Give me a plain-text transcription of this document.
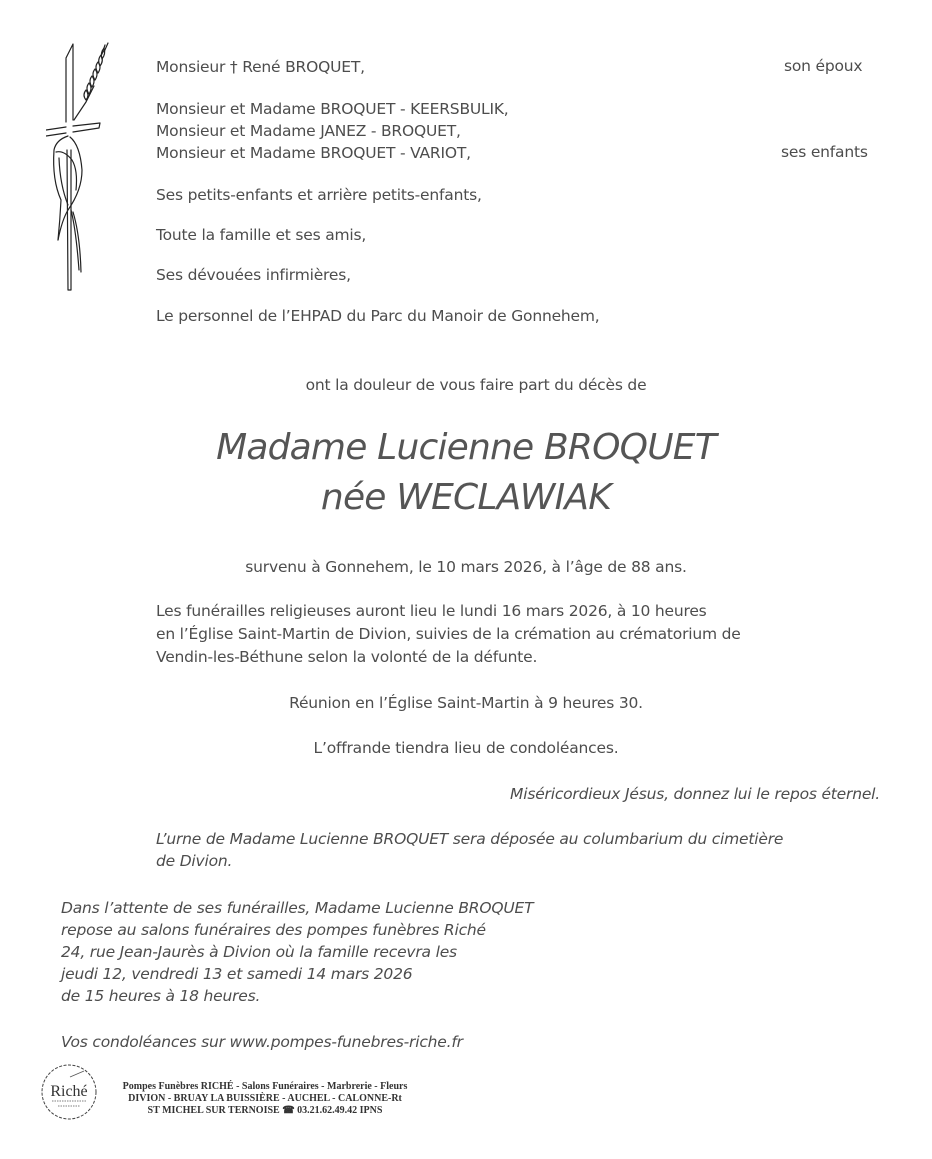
Monsieur † René BROQUET,	son époux
Monsieur et Madame BROQUET - KEERSBULIK,
Monsieur et Madame JANEZ - BROQUET,
Monsieur et Madame BROQUET - VARIOT,	ses enfants
Ses petits-enfants et arrière petits-enfants,
Toute la famille et ses amis,
Ses dévouées infirmières,
Le personnel de l’EHPAD du Parc du Manoir de Gonnehem,
ont la douleur de vous faire part du décès de
Madame Lucienne BROQUET
née WECLAWIAK
survenu à Gonnehem, le 10 mars 2026, à l’âge de 88 ans.
Les funérailles religieuses auront lieu le lundi 16 mars 2026, à 10 heures
en l’Église Saint-Martin de Divion, suivies de la crémation au crématorium de
Vendin-les-Béthune selon la volonté de la défunte.
Réunion en l’Église Saint-Martin à 9 heures 30.
L’offrande tiendra lieu de condoléances.
Miséricordieux Jésus, donnez lui le repos éternel.
L’urne de Madame Lucienne BROQUET sera déposée au columbarium du cimetière
de Divion.
Dans l’attente de ses funérailles, Madame Lucienne BROQUET
repose au salons funéraires des pompes funèbres Riché
24, rue Jean-Jaurès à Divion où la famille recevra les
jeudi 12, vendredi 13 et samedi 14 mars 2026
de 15 heures à 18 heures.
Vos condoléances sur www.pompes-funebres-riche.fr
Riché	Pompes Funèbres RICHÉ - Salons Funéraires - Marbrerie - Fleurs
DIVION - BRUAY LA BUISSIÈRE - AUCHEL - CALONNE-Rt
ST MICHEL SUR TERNOISE ☎ 03.21.62.49.42 IPNS
